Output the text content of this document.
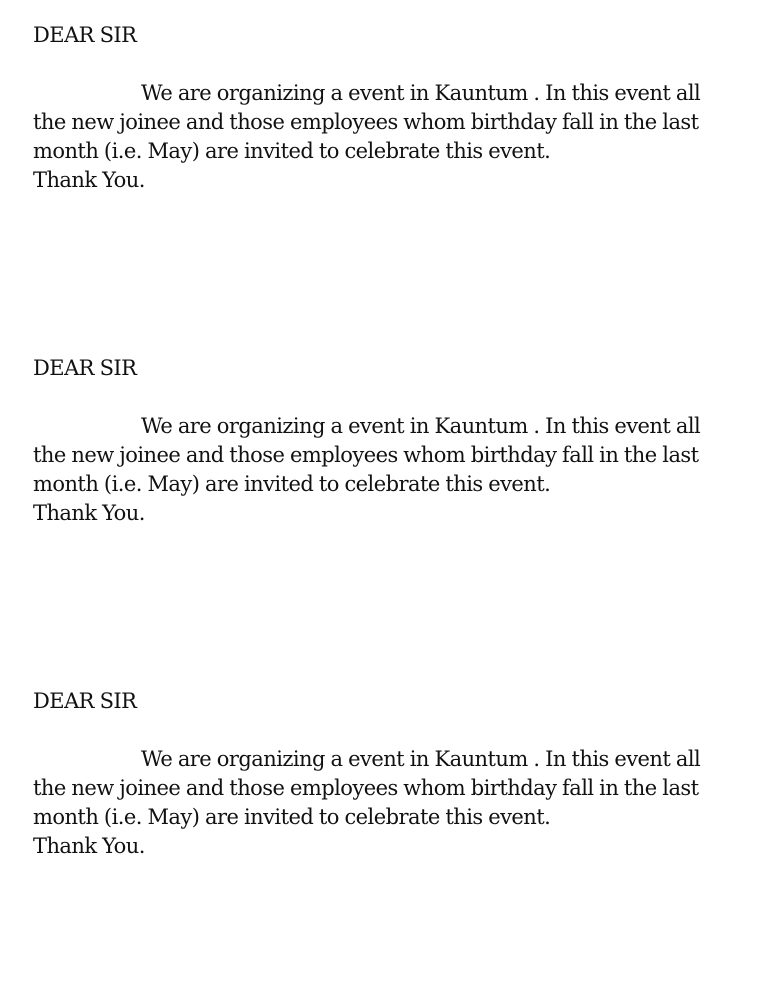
DEAR SIR
We are organizing a event in Kauntum . In this event all the new joinee and those employees whom birthday fall in the last month (i.e. May) are invited to celebrate this event.
Thank You.
DEAR SIR
We are organizing a event in Kauntum . In this event all the new joinee and those employees whom birthday fall in the last month (i.e. May) are invited to celebrate this event.
Thank You.
DEAR SIR
We are organizing a event in Kauntum . In this event all the new joinee and those employees whom birthday fall in the last month (i.e. May) are invited to celebrate this event.
Thank You.
